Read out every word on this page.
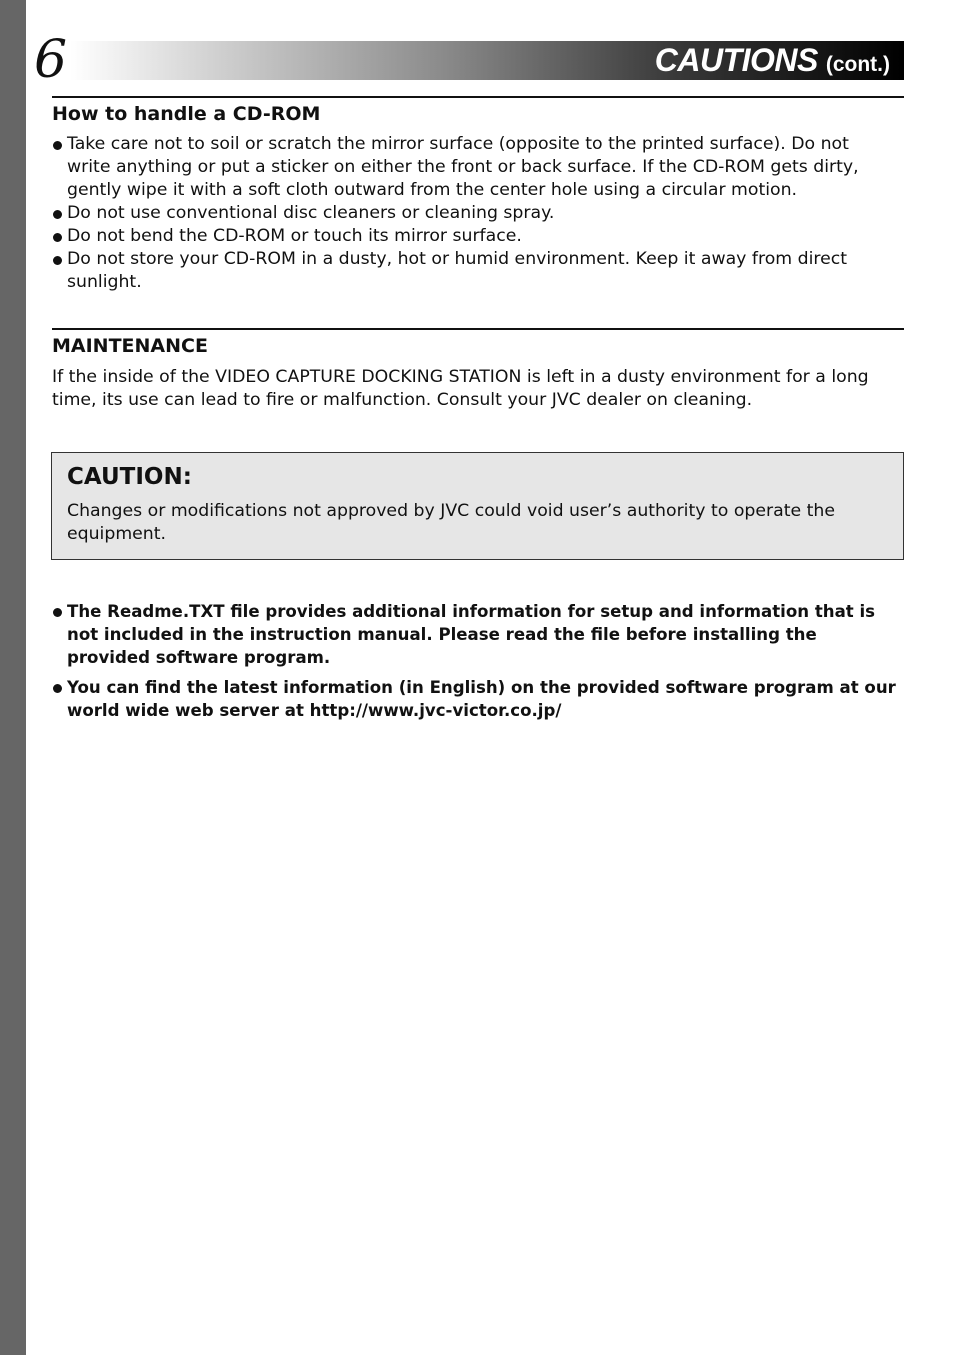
6	CAUTIONS (cont.)
How to handle a CD-ROM
Take care not to soil or scratch the mirror surface (opposite to the printed surface). Do not write anything or put a sticker on either the front or back surface. If the CD-ROM gets dirty, gently wipe it with a soft cloth outward from the center hole using a circular motion.
Do not use conventional disc cleaners or cleaning spray.
Do not bend the CD-ROM or touch its mirror surface.
Do not store your CD-ROM in a dusty, hot or humid environment. Keep it away from direct sunlight.
MAINTENANCE

If the inside of the VIDEO CAPTURE DOCKING STATION is left in a dusty environment for a long time, its use can lead to fire or malfunction. Consult your JVC dealer on cleaning.

CAUTION:

Changes or modifications not approved by JVC could void user’s authority to operate the equipment.

The Readme.TXT file provides additional information for setup and information that is not included in the instruction manual. Please read the file before installing the provided software program.
You can find the latest information (in English) on the provided software program at our world wide web server at http://www.jvc-victor.co.jp/
